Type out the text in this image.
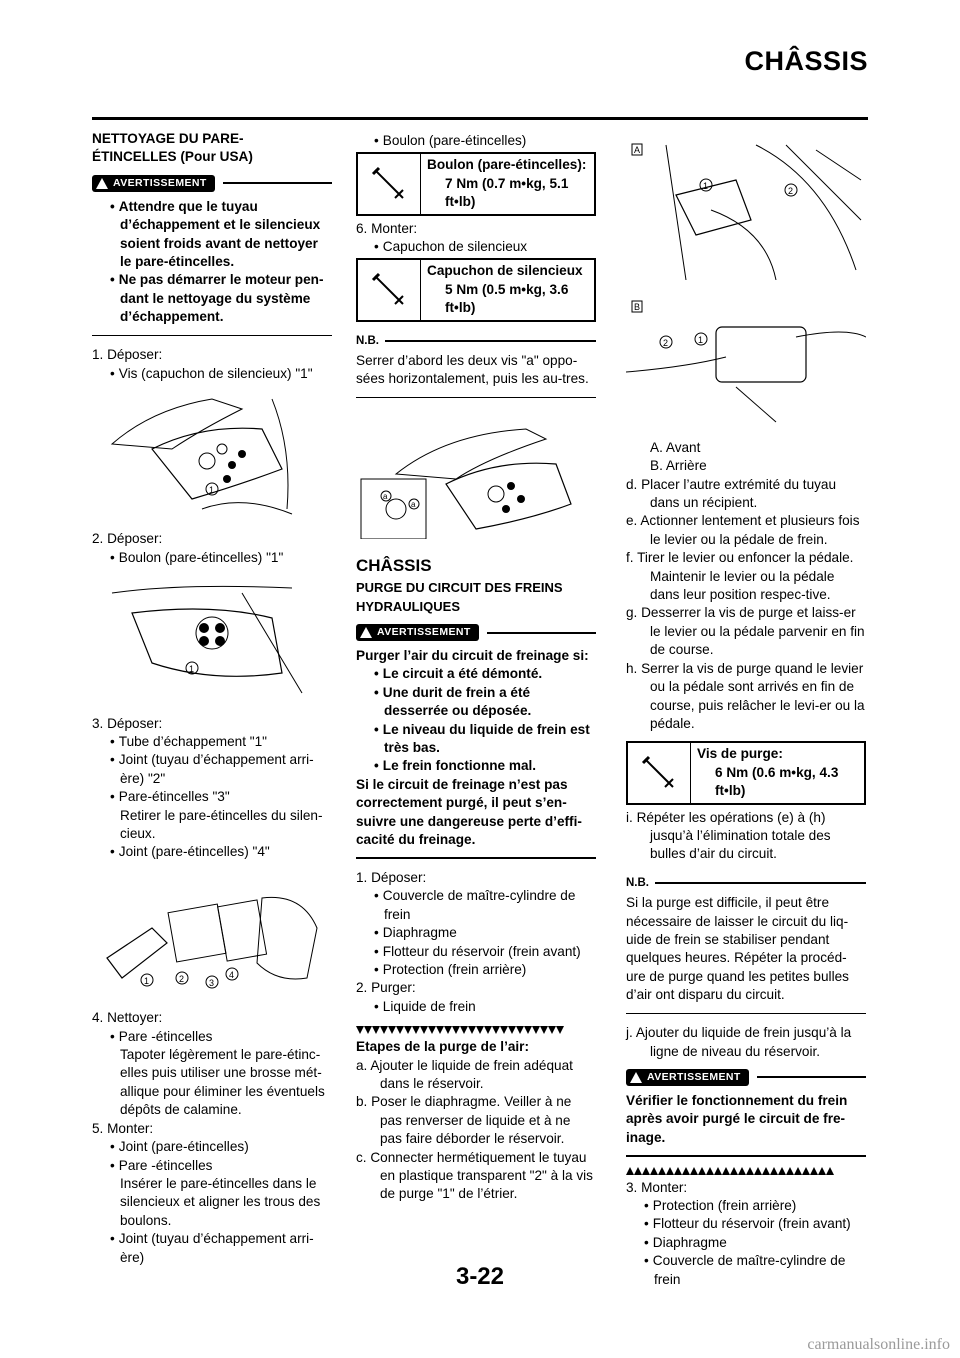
CHÂSSIS

NETTOYAGE DU PARE-ÉTINCELLES (Pour USA)

AVERTISSEMENT
• Attendre que le tuyau d’échappement et le silencieux soient froids avant de nettoyer le pare-étincelles.
• Ne pas démarrer le moteur pen-dant le nettoyage du système d’échappement.
1. Déposer:
• Vis (capuchon de silencieux) "1"
1
2. Déposer:
• Boulon (pare-étincelles) "1"
1
3. Déposer:
• Tube d’échappement "1"
• Joint (tuyau d’échappement arri-ère) "2"
• Pare-étincelles "3"
Retirer le pare-étincelles du silen-cieux.
• Joint (pare-étincelles) "4"
1	2	3
4
4. Nettoyer:
• Pare -étincelles
Tapoter légèrement le pare-étinc-elles puis utiliser une brosse mét-allique pour éliminer les éventuels dépôts de calamine.
5. Monter:
• Joint (pare-étincelles)
• Pare -étincelles
Insérer le pare-étincelles dans le silencieux et aligner les trous des boulons.
• Joint (tuyau d’échappement arri-ère)
• Boulon (pare-étincelles)
Boulon (pare-étincelles):
7 Nm (0.7 m•kg, 5.1 ft•lb)
6. Monter:
• Capuchon de silencieux
Capuchon de silencieux
5 Nm (0.5 m•kg, 3.6 ft•lb)
N.B.
Serrer d’abord les deux vis "a" oppo-sées horizontalement, puis les au-tres.
a
a
CHÂSSIS

PURGE DU CIRCUIT DES FREINS HYDRAULIQUES

AVERTISSEMENT
Purger l’air du circuit de freinage si:
• Le circuit a été démonté.
• Une durit de frein a été desserrée ou déposée.
• Le niveau du liquide de frein est très bas.
• Le frein fonctionne mal.
Si le circuit de freinage n’est pas correctement purgé, il peut s’en-suivre une dangereuse perte d’effi-cacité du freinage.
1. Déposer:
• Couvercle de maître-cylindre de frein
• Diaphragme
• Flotteur du réservoir (frein avant)
• Protection (frein arrière)
2. Purger:
• Liquide de frein
Etapes de la purge de l’air:
a. Ajouter le liquide de frein adéquat dans le réservoir.
b. Poser le diaphragme. Veiller à ne pas renverser de liquide et à ne pas faire déborder le réservoir.
c. Connecter hermétiquement le tuyau en plastique transparent "2" à la vis de purge "1" de l’étrier.
A
1	2

B
2	1
A. Avant
B. Arrière
d. Placer l’autre extrémité du tuyau dans un récipient.
e. Actionner lentement et plusieurs fois le levier ou la pédale de frein.
f. Tirer le levier ou enfoncer la pédale. Maintenir le levier ou la pédale dans leur position respec-tive.
g. Desserrer la vis de purge et laiss-er le levier ou la pédale parvenir en fin de course.
h. Serrer la vis de purge quand le levier ou la pédale sont arrivés en fin de course, puis relâcher le levi-er ou la pédale.
Vis de purge:
6 Nm (0.6 m•kg, 4.3 ft•lb)
i. Répéter les opérations (e) à (h) jusqu’à l’élimination totale des bulles d’air du circuit.
N.B.
Si la purge est difficile, il peut être nécessaire de laisser le circuit du liq-uide de frein se stabiliser pendant quelques heures. Répéter la procéd-ure de purge quand les petites bulles d’air ont disparu du circuit.
j. Ajouter du liquide de frein jusqu’à la ligne de niveau du réservoir.
AVERTISSEMENT
Vérifier le fonctionnement du frein après avoir purgé le circuit de fre-inage.
3. Monter:
• Protection (frein arrière)
• Flotteur du réservoir (frein avant)
• Diaphragme
• Couvercle de maître-cylindre de frein
3-22
carmanualsonline.info
